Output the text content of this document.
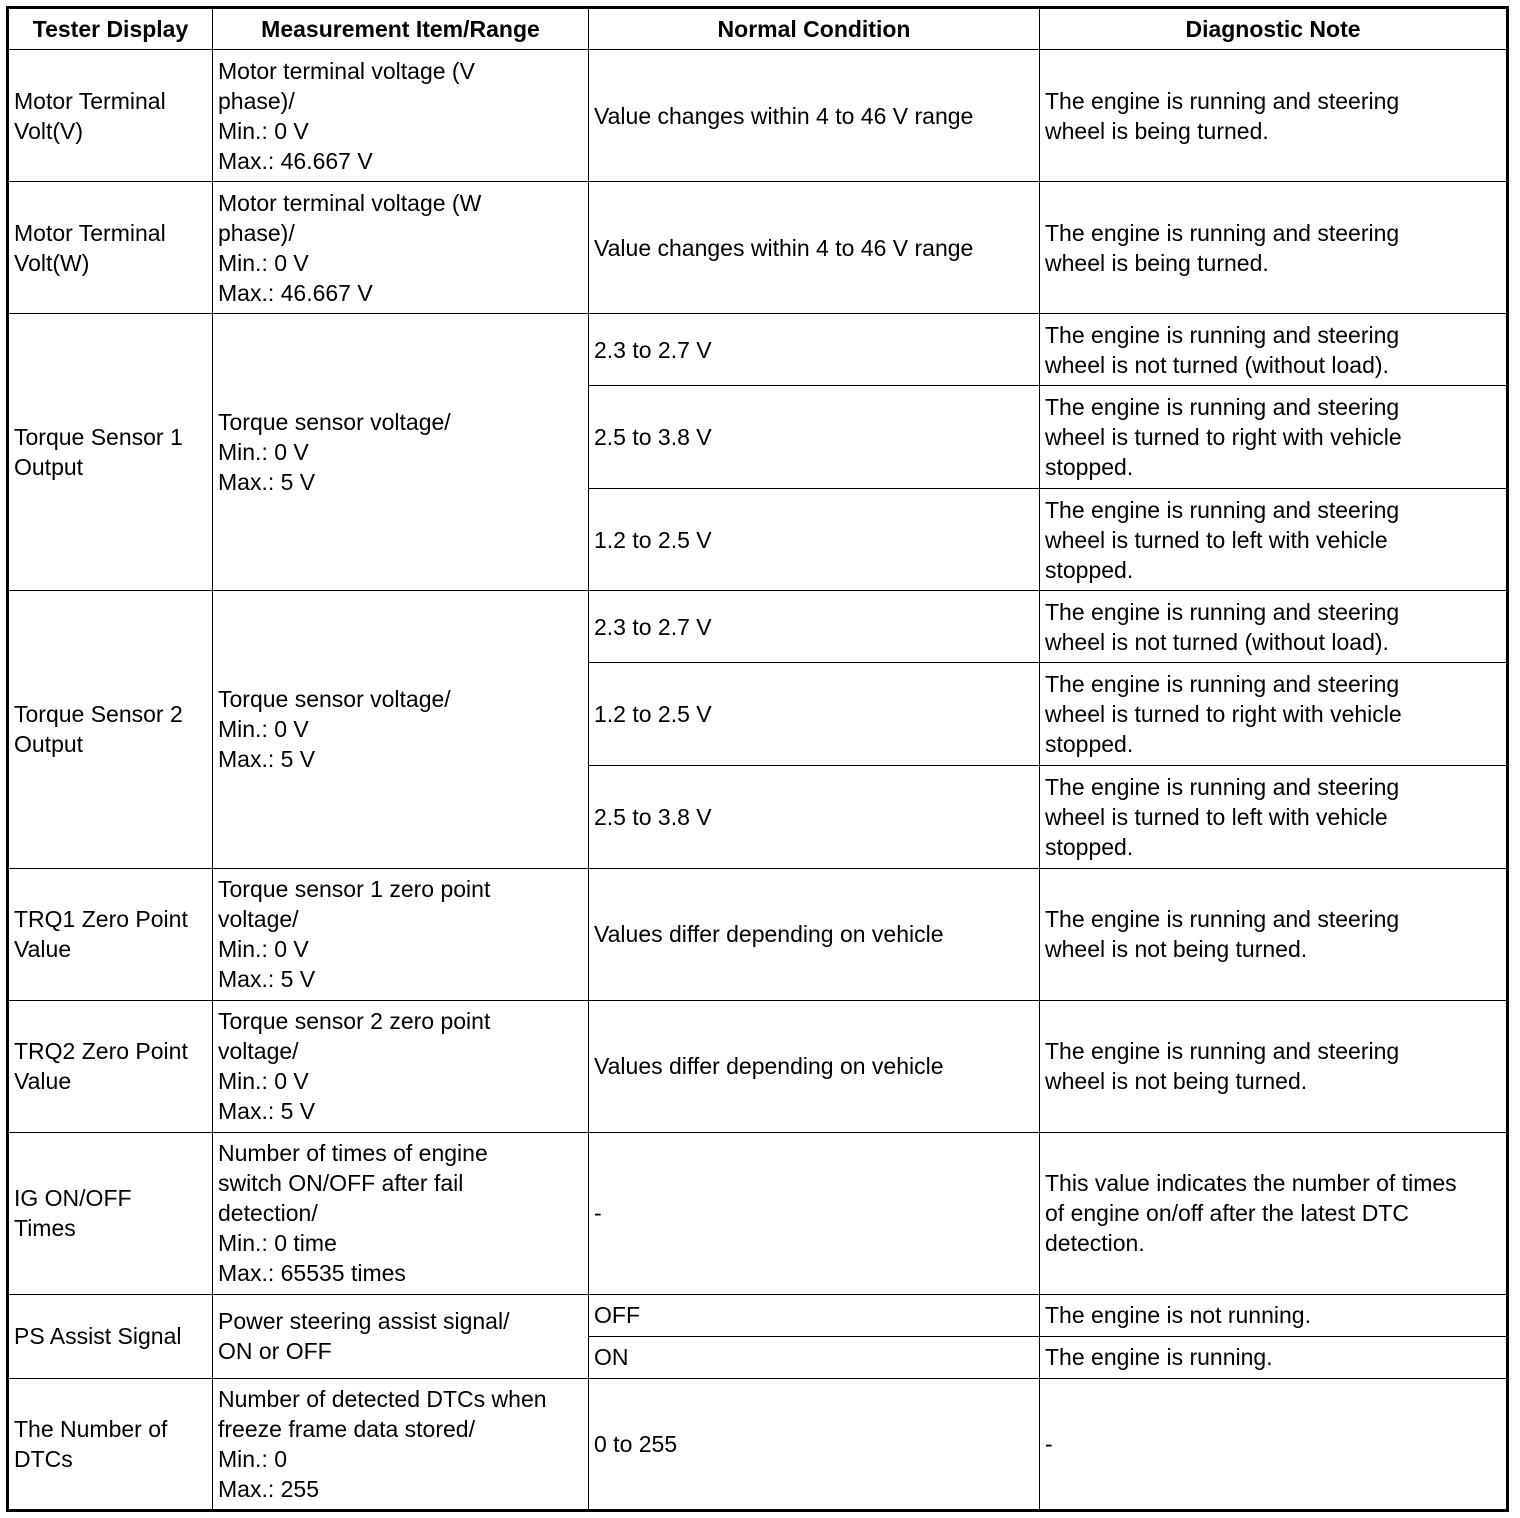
Tester Display	Measurement Item/Range	Normal Condition	Diagnostic Note
Motor Terminal
Volt(V)	Motor terminal voltage (V
phase)/
Min.: 0 V
Max.: 46.667 V	Value changes within 4 to 46 V range	The engine is running and steering
wheel is being turned.
Motor Terminal
Volt(W)	Motor terminal voltage (W
phase)/
Min.: 0 V
Max.: 46.667 V	Value changes within 4 to 46 V range	The engine is running and steering
wheel is being turned.
Torque Sensor 1
Output	Torque sensor voltage/
Min.: 0 V
Max.: 5 V	2.3 to 2.7 V	The engine is running and steering
wheel is not turned (without load).
		2.5 to 3.8 V	The engine is running and steering
wheel is turned to right with vehicle
stopped.
		1.2 to 2.5 V	The engine is running and steering
wheel is turned to left with vehicle
stopped.
Torque Sensor 2
Output	Torque sensor voltage/
Min.: 0 V
Max.: 5 V	2.3 to 2.7 V	The engine is running and steering
wheel is not turned (without load).
		1.2 to 2.5 V	The engine is running and steering
wheel is turned to right with vehicle
stopped.
		2.5 to 3.8 V	The engine is running and steering
wheel is turned to left with vehicle
stopped.
TRQ1 Zero Point
Value	Torque sensor 1 zero point
voltage/
Min.: 0 V
Max.: 5 V	Values differ depending on vehicle	The engine is running and steering
wheel is not being turned.
TRQ2 Zero Point
Value	Torque sensor 2 zero point
voltage/
Min.: 0 V
Max.: 5 V	Values differ depending on vehicle	The engine is running and steering
wheel is not being turned.
IG ON/OFF
Times	Number of times of engine
switch ON/OFF after fail
detection/
Min.: 0 time
Max.: 65535 times	-	This value indicates the number of times
of engine on/off after the latest DTC
detection.
PS Assist Signal	Power steering assist signal/
ON or OFF	OFF	The engine is not running.
		ON	The engine is running.
The Number of
DTCs	Number of detected DTCs when
freeze frame data stored/
Min.: 0
Max.: 255	0 to 255	-
